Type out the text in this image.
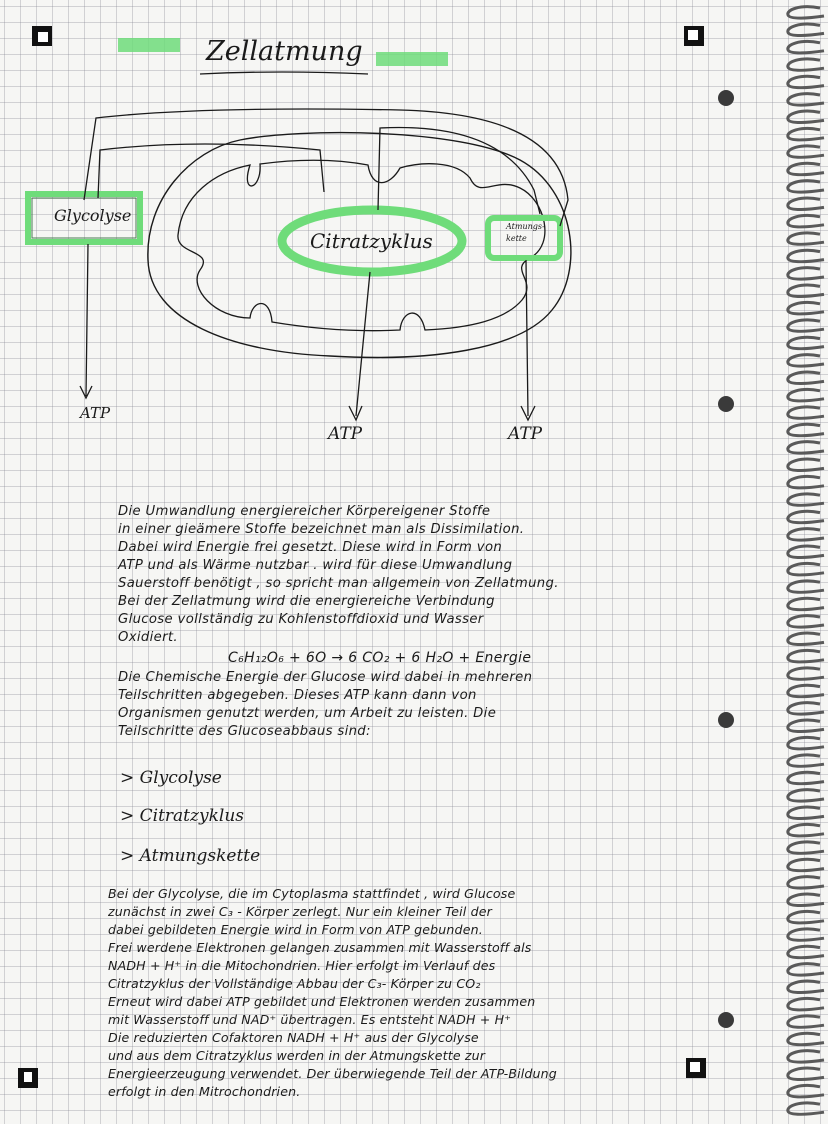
Zellatmung
Glycolyse
Citratzyklus
Atmungs-
kette
ATP
ATP	ATP
Die Umwandlung energiereicher Körpereigener Stoffe
in einer gieämere Stoffe bezeichnet man als Dissimilation.
Dabei wird Energie frei gesetzt. Diese wird in Form von
ATP und als Wärme nutzbar . wird für diese Umwandlung
Sauerstoff benötigt , so spricht man allgemein von Zellatmung.
Bei der Zellatmung wird die energiereiche Verbindung
Glucose vollständig zu Kohlenstoffdioxid und Wasser
Oxidiert.
C₆H₁₂O₆ + 6O → 6 CO₂ + 6 H₂O + Energie
Die Chemische Energie der Glucose wird dabei in mehreren
Teilschritten abgegeben. Dieses ATP kann dann von
Organismen genutzt werden, um Arbeit zu leisten. Die
Teilschritte des Glucoseabbaus sind:
> Glycolyse
> Citratzyklus
> Atmungskette
Bei der Glycolyse, die im Cytoplasma stattfindet , wird Glucose
zunächst in zwei C₃ - Körper zerlegt. Nur ein kleiner Teil der
dabei gebildeten Energie wird in Form von ATP gebunden.
Frei werdene Elektronen gelangen zusammen mit Wasserstoff als
NADH + H⁺ in die Mitochondrien. Hier erfolgt im Verlauf des
Citratzyklus der Vollständige Abbau der C₃- Körper zu CO₂
Erneut wird dabei ATP gebildet und Elektronen werden zusammen
mit Wasserstoff und NAD⁺ übertragen. Es entsteht NADH + H⁺
Die reduzierten Cofaktoren NADH + H⁺ aus der Glycolyse
und aus dem Citratzyklus werden in der Atmungskette zur
Energieerzeugung verwendet. Der überwiegende Teil der ATP-Bildung
erfolgt in den Mitrochondrien.
